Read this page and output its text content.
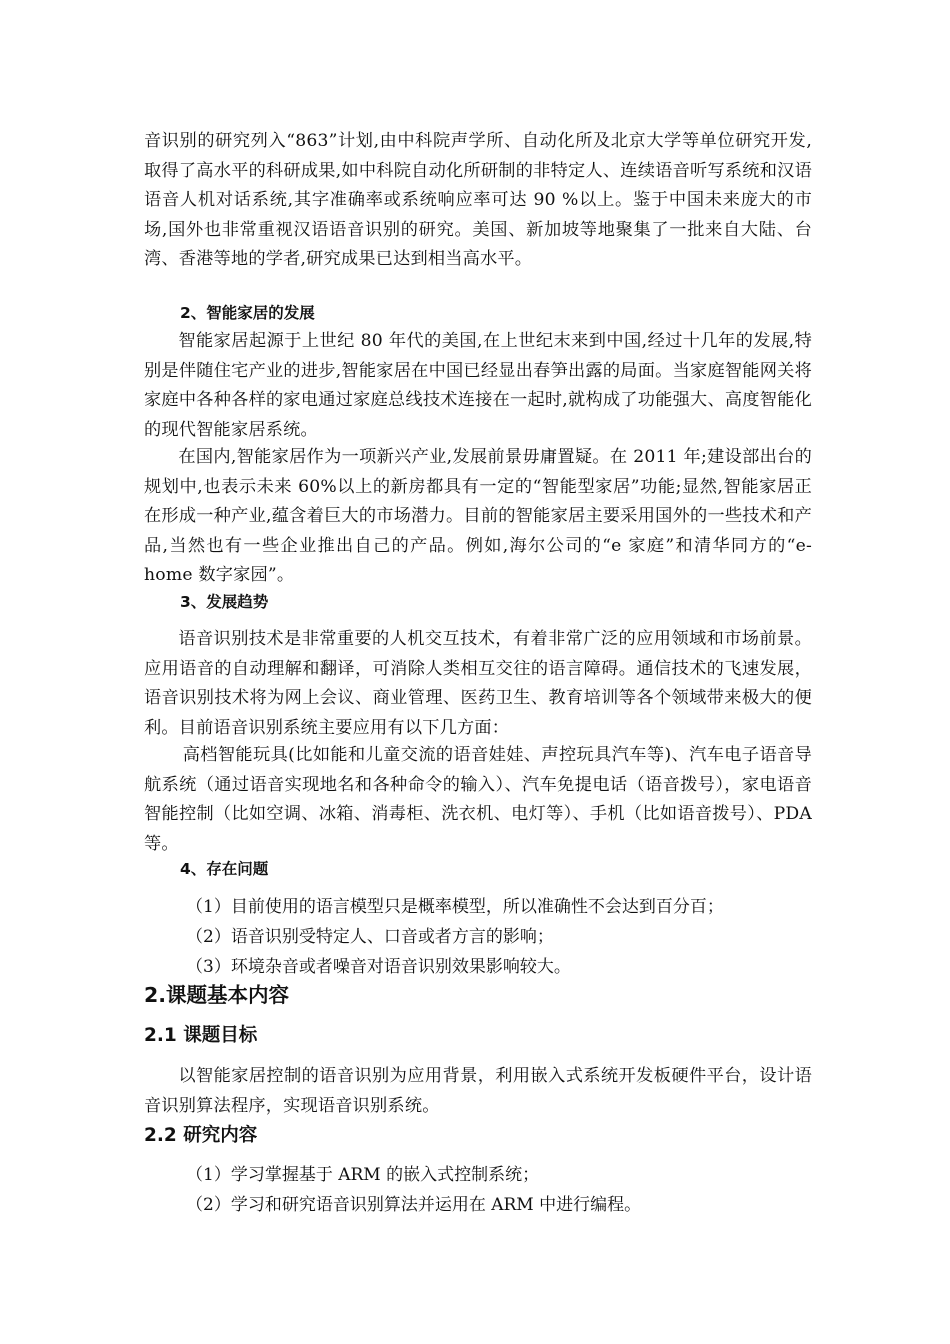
音识别的研究列入“863”计划,由中科院声学所、自动化所及北京大学等单位研究开发,取得了高水平的科研成果,如中科院自动化所研制的非特定人、连续语音听写系统和汉语语音人机对话系统,其字准确率或系统响应率可达 90 %以上。鉴于中国未来庞大的市场,国外也非常重视汉语语音识别的研究。美国、新加坡等地聚集了一批来自大陆、台湾、香港等地的学者,研究成果已达到相当高水平。

2、智能家居的发展

智能家居起源于上世纪 80 年代的美国,在上世纪末来到中国,经过十几年的发展,特别是伴随住宅产业的进步,智能家居在中国已经显出春笋出露的局面。当家庭智能网关将家庭中各种各样的家电通过家庭总线技术连接在一起时,就构成了功能强大、高度智能化的现代智能家居系统。

在国内,智能家居作为一项新兴产业,发展前景毋庸置疑。在 2011 年;建设部出台的规划中,也表示未来 60%以上的新房都具有一定的“智能型家居”功能;显然,智能家居正在形成一种产业,蕴含着巨大的市场潜力。目前的智能家居主要采用国外的一些技术和产品,当然也有一些企业推出自己的产品。例如,海尔公司的“e 家庭”和清华同方的“e-home 数字家园”。

3、发展趋势

语音识别技术是非常重要的人机交互技术，有着非常广泛的应用领域和市场前景。应用语音的自动理解和翻译，可消除人类相互交往的语言障碍。通信技术的飞速发展，语音识别技术将为网上会议、商业管理、医药卫生、教育培训等各个领域带来极大的便利。目前语音识别系统主要应用有以下几方面：

高档智能玩具(比如能和儿童交流的语音娃娃、声控玩具汽车等)、汽车电子语音导航系统（通过语音实现地名和各种命令的输入）、汽车免提电话（语音拨号），家电语音智能控制（比如空调、冰箱、消毒柜、洗衣机、电灯等）、手机（比如语音拨号）、PDA 等。

4、存在问题

（1）目前使用的语言模型只是概率模型，所以准确性不会达到百分百；

（2）语音识别受特定人、口音或者方言的影响；

（3）环境杂音或者噪音对语音识别效果影响较大。

2.课题基本内容

2.1 课题目标

以智能家居控制的语音识别为应用背景，利用嵌入式系统开发板硬件平台，设计语音识别算法程序，实现语音识别系统。

2.2 研究内容

（1）学习掌握基于 ARM 的嵌入式控制系统；

（2）学习和研究语音识别算法并运用在 ARM 中进行编程。
